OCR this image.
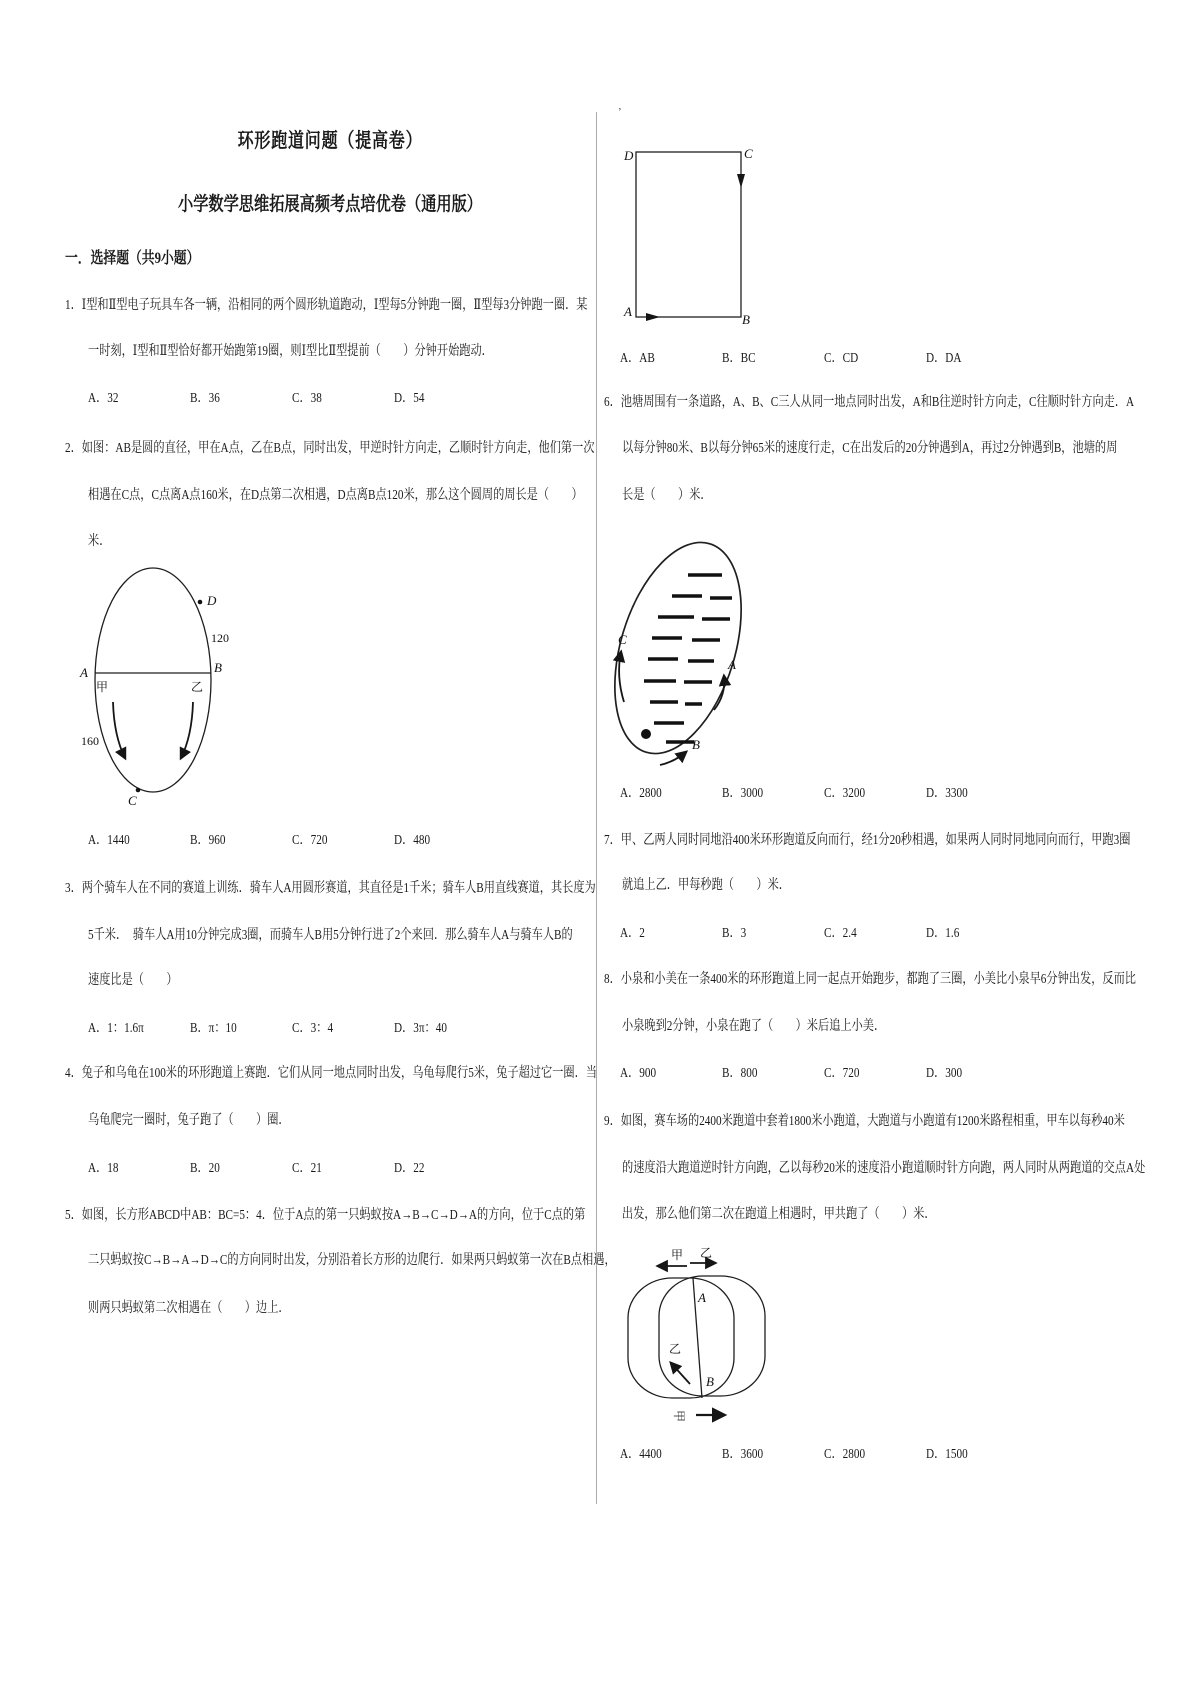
环形跑道问题（提高卷）
小学数学思维拓展高频考点培优卷（通用版）
一．选择题（共9小题）
1．Ⅰ型和Ⅱ型电子玩具车各一辆，沿相同的两个圆形轨道跑动，Ⅰ型每5分钟跑一圈，Ⅱ型每3分钟跑一圈．某
一时刻，Ⅰ型和Ⅱ型恰好都开始跑第19圈，则Ⅰ型比Ⅱ型提前（　　）分钟开始跑动．
A．32	B．36	C．38	D．54
2．如图：AB是圆的直径，甲在A点，乙在B点，同时出发，甲逆时针方向走，乙顺时针方向走，他们第一次
相遇在C点，C点离A点160米，在D点第二次相遇，D点离B点120米，那么这个圆周的周长是（　　）
米．
A	B
C
D
120
160
甲	乙
A．1440	B．960	C．720	D．480
3．两个骑车人在不同的赛道上训练．骑车人A用圆形赛道，其直径是1千米；骑车人B用直线赛道，其长度为
5千米．　骑车人A用10分钟完成3圈，而骑车人B用5分钟行进了2个来回．那么骑车人A与骑车人B的
速度比是（　　）
A．1：1.6π	B．π：10	C．3：4	D．3π：40
4．兔子和乌龟在100米的环形跑道上赛跑．它们从同一地点同时出发，乌龟每爬行5米，兔子超过它一圈．当
乌龟爬完一圈时，兔子跑了（　　）圈．
A．18	B．20	C．21	D．22
5．如图，长方形ABCD中AB：BC=5：4．位于A点的第一只蚂蚁按A→B→C→D→A的方向，位于C点的第
二只蚂蚁按C→B→A→D→C的方向同时出发，分别沿着长方形的边爬行．如果两只蚂蚁第一次在B点相遇，
则两只蚂蚁第二次相遇在（　　）边上．
’
D	C
A
B
A．AB	B．BC	C．CD	D．DA
6．池塘周围有一条道路，A、B、C三人从同一地点同时出发，A和B往逆时针方向走，C往顺时针方向走．A
以每分钟80米、B以每分钟65米的速度行走，C在出发后的20分钟遇到A，再过2分钟遇到B，池塘的周
长是（　　）米．
C
A
B
A．2800	B．3000	C．3200	D．3300
7．甲、乙两人同时同地沿400米环形跑道反向而行，经1分20秒相遇，如果两人同时同地同向而行，甲跑3圈
就追上乙．甲每秒跑（　　）米．
A．2	B．3	C．2.4	D．1.6
8．小泉和小美在一条400米的环形跑道上同一起点开始跑步，都跑了三圈，小美比小泉早6分钟出发，反而比
小泉晚到2分钟，小泉在跑了（　　）米后追上小美．
A．900	B．800	C．720	D．300
9．如图，赛车场的2400米跑道中套着1800米小跑道，大跑道与小跑道有1200米路程相重，甲车以每秒40米
的速度沿大跑道逆时针方向跑，乙以每秒20米的速度沿小跑道顺时针方向跑，两人同时从两跑道的交点A处
出发，那么他们第二次在跑道上相遇时，甲共跑了（　　）米．
甲 乙
A
B
乙
甲
A．4400	B．3600	C．2800	D．1500
